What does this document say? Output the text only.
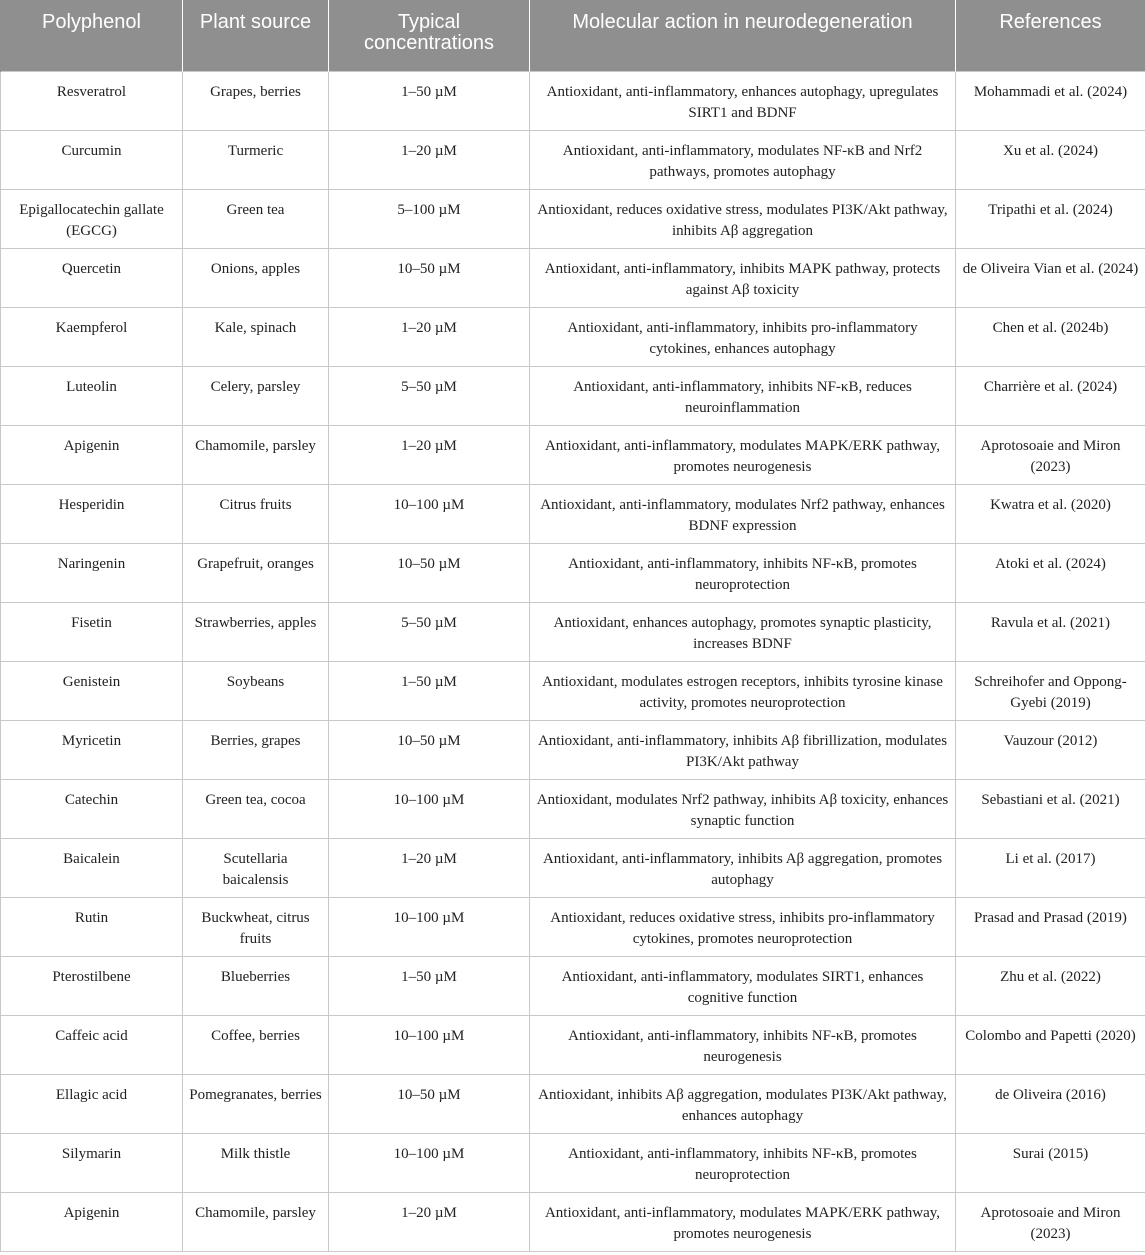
Polyphenol	Plant source	Typical concentrations	Molecular action in neurodegeneration	References
Resveratrol	Grapes, berries	1–50 µM	Antioxidant, anti-inflammatory, enhances autophagy, upregulates SIRT1 and BDNF	Mohammadi et al. (2024)
Curcumin	Turmeric	1–20 µM	Antioxidant, anti-inflammatory, modulates NF-κB and Nrf2 pathways, promotes autophagy	Xu et al. (2024)
Epigallocatechin gallate (EGCG)	Green tea	5–100 µM	Antioxidant, reduces oxidative stress, modulates PI3K/Akt pathway, inhibits Aβ aggregation	Tripathi et al. (2024)
Quercetin	Onions, apples	10–50 µM	Antioxidant, anti-inflammatory, inhibits MAPK pathway, protects against Aβ toxicity	de Oliveira Vian et al. (2024)
Kaempferol	Kale, spinach	1–20 µM	Antioxidant, anti-inflammatory, inhibits pro-inflammatory cytokines, enhances autophagy	Chen et al. (2024b)
Luteolin	Celery, parsley	5–50 µM	Antioxidant, anti-inflammatory, inhibits NF-κB, reduces neuroinflammation	Charrière et al. (2024)
Apigenin	Chamomile, parsley	1–20 µM	Antioxidant, anti-inflammatory, modulates MAPK/ERK pathway, promotes neurogenesis	Aprotosoaie and Miron (2023)
Hesperidin	Citrus fruits	10–100 µM	Antioxidant, anti-inflammatory, modulates Nrf2 pathway, enhances BDNF expression	Kwatra et al. (2020)
Naringenin	Grapefruit, oranges	10–50 µM	Antioxidant, anti-inflammatory, inhibits NF-κB, promotes neuroprotection	Atoki et al. (2024)
Fisetin	Strawberries, apples	5–50 µM	Antioxidant, enhances autophagy, promotes synaptic plasticity, increases BDNF	Ravula et al. (2021)
Genistein	Soybeans	1–50 µM	Antioxidant, modulates estrogen receptors, inhibits tyrosine kinase activity, promotes neuroprotection	Schreihofer and Oppong-Gyebi (2019)
Myricetin	Berries, grapes	10–50 µM	Antioxidant, anti-inflammatory, inhibits Aβ fibrillization, modulates PI3K/Akt pathway	Vauzour (2012)
Catechin	Green tea, cocoa	10–100 µM	Antioxidant, modulates Nrf2 pathway, inhibits Aβ toxicity, enhances synaptic function	Sebastiani et al. (2021)
Baicalein	Scutellaria baicalensis	1–20 µM	Antioxidant, anti-inflammatory, inhibits Aβ aggregation, promotes autophagy	Li et al. (2017)
Rutin	Buckwheat, citrus fruits	10–100 µM	Antioxidant, reduces oxidative stress, inhibits pro-inflammatory cytokines, promotes neuroprotection	Prasad and Prasad (2019)
Pterostilbene	Blueberries	1–50 µM	Antioxidant, anti-inflammatory, modulates SIRT1, enhances cognitive function	Zhu et al. (2022)
Caffeic acid	Coffee, berries	10–100 µM	Antioxidant, anti-inflammatory, inhibits NF-κB, promotes neurogenesis	Colombo and Papetti (2020)
Ellagic acid	Pomegranates, berries	10–50 µM	Antioxidant, inhibits Aβ aggregation, modulates PI3K/Akt pathway, enhances autophagy	de Oliveira (2016)
Silymarin	Milk thistle	10–100 µM	Antioxidant, anti-inflammatory, inhibits NF-κB, promotes neuroprotection	Surai (2015)
Apigenin	Chamomile, parsley	1–20 µM	Antioxidant, anti-inflammatory, modulates MAPK/ERK pathway, promotes neurogenesis	Aprotosoaie and Miron (2023)
